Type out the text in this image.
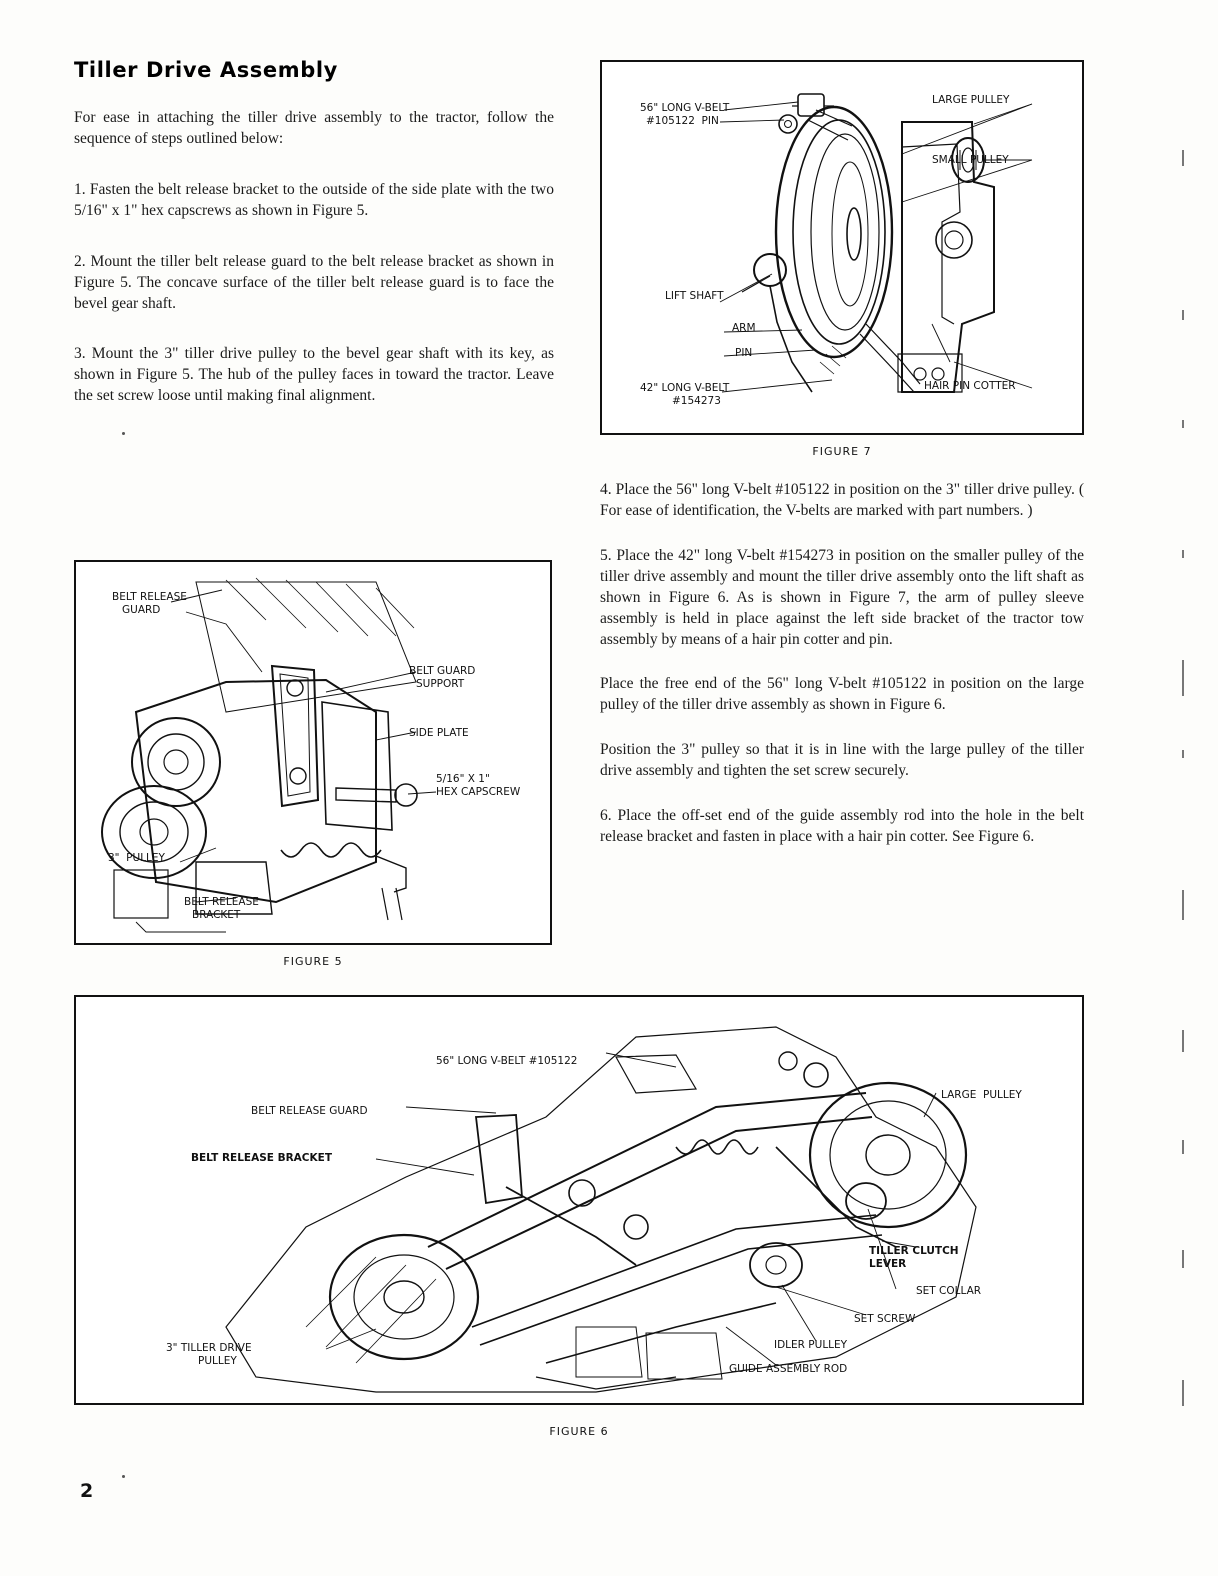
Tiller Drive Assembly

For ease in attaching the tiller drive assembly to the tractor, follow the sequence of steps outlined below:

1. Fasten the belt release bracket to the outside of the side plate with the two 5/16" x 1" hex capscrews as shown in Figure 5.

2. Mount the tiller belt release guard to the belt release bracket as shown in Figure 5. The concave surface of the tiller belt release guard is to face the bevel gear shaft.

3. Mount the 3" tiller drive pulley to the bevel gear shaft with its key, as shown in Figure 5. The hub of the pulley faces in toward the tractor. Leave the set screw loose until making final alignment.

56" LONG V-BELT
#105122  PIN
LARGE PULLEY
SMALL PULLEY
LIFT SHAFT
ARM
PIN
42" LONG V-BELT
#154273
HAIR PIN COTTER
FIGURE 7

4. Place the 56" long V-belt #105122 in position on the 3" tiller drive pulley. ( For ease of identification, the V-belts are marked with part numbers. )

5. Place the 42" long V-belt #154273 in position on the smaller pulley of the tiller drive assembly and mount the tiller drive assembly onto the lift shaft as shown in Figure 6. As is shown in Figure 7, the arm of pulley sleeve assembly is held in place against the left side bracket of the tractor tow assembly by means of a hair pin cotter and pin.

Place the free end of the 56" long V-belt #105122 in position on the large pulley of the tiller drive assembly as shown in Figure 6.

Position the 3" pulley so that it is in line with the large pulley of the tiller drive assembly and tighten the set screw securely.

6. Place the off-set end of the guide assembly rod into the hole in the belt release bracket and fasten in place with a hair pin cotter. See Figure 6.

BELT RELEASE
GUARD
BELT GUARD
SUPPORT
SIDE PLATE
5/16" X 1"
HEX CAPSCREW
3"  PULLEY
BELT RELEASE
BRACKET
FIGURE 5
56" LONG V-BELT #105122
BELT RELEASE GUARD
BELT RELEASE BRACKET
LARGE  PULLEY
TILLER CLUTCH
LEVER
SET COLLAR
SET SCREW
IDLER PULLEY
GUIDE ASSEMBLY ROD
3" TILLER DRIVE
PULLEY
FIGURE 6
2
